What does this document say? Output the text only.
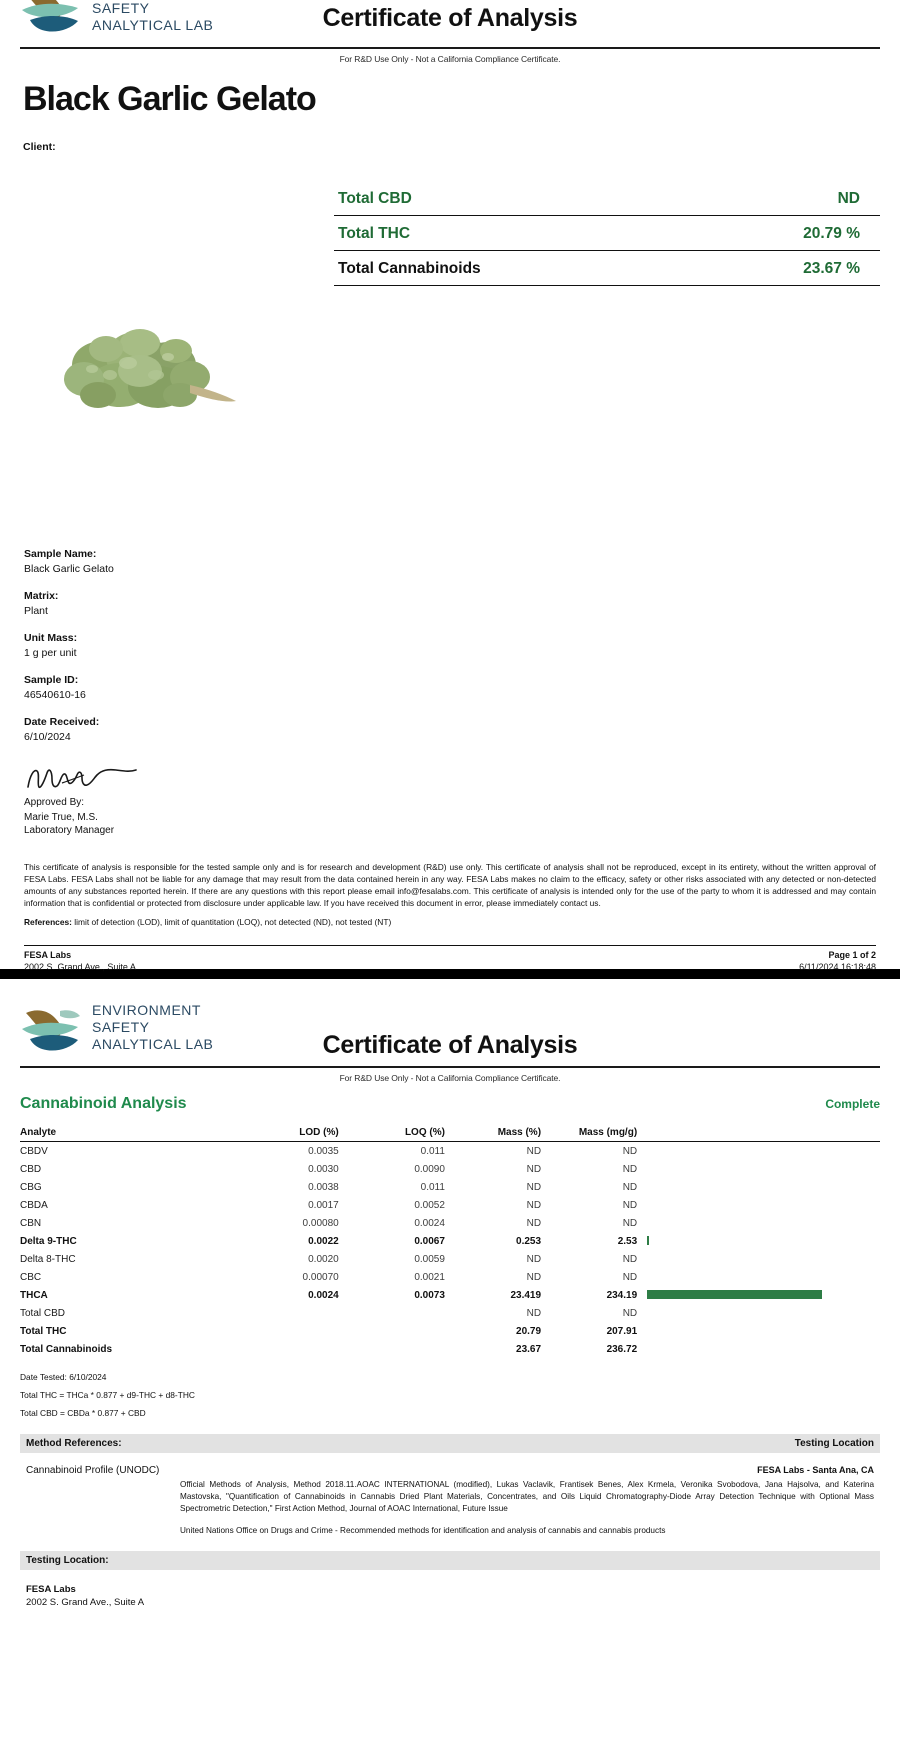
SAFETY
ANALYTICAL LAB	Certificate of Analysis
For R&D Use Only - Not a California Compliance Certificate.
Black Garlic Gelato
Client:
Sample Name:
Black Garlic Gelato
Matrix:
Plant
Unit Mass:
1 g per unit
Sample ID:
46540610-16
Date Received:
6/10/2024
Approved By:
Marie True, M.S.
Laboratory Manager
Total CBD	ND
Total THC	20.79 %
Total Cannabinoids	23.67 %
This certificate of analysis is responsible for the tested sample only and is for research and development (R&D) use only. This certificate of analysis shall not be reproduced, except in its entirety, without the written approval of FESA Labs. FESA Labs shall not be liable for any damage that may result from the data contained herein in any way. FESA Labs makes no claim to the efficacy, safety or other risks associated with any detected or non-detected amounts of any substances reported herein. If there are any questions with this report please email info@fesalabs.com. This certificate of analysis is intended only for the use of the party to whom it is addressed and may contain information that is confidential or protected from disclosure under applicable law. If you have received this document in error, please immediately contact us.
References: limit of detection (LOD), limit of quantitation (LOQ), not detected (ND), not tested (NT)
FESA Labs	Page 1 of 2
2002 S. Grand Ave., Suite A	6/11/2024 16:18:48
ENVIRONMENT
SAFETY
ANALYTICAL LAB	Certificate of Analysis
For R&D Use Only - Not a California Compliance Certificate.
Cannabinoid Analysis	Complete
Analyte	LOD (%)	LOQ (%)	Mass (%)	Mass (mg/g)	
CBDV	0.0035	0.011	ND	ND	
CBD	0.0030	0.0090	ND	ND	
CBG	0.0038	0.011	ND	ND	
CBDA	0.0017	0.0052	ND	ND	
CBN	0.00080	0.0024	ND	ND	
Delta 9-THC	0.0022	0.0067	0.253	2.53	
Delta 8-THC	0.0020	0.0059	ND	ND	
CBC	0.00070	0.0021	ND	ND	
THCA	0.0024	0.0073	23.419	234.19	
Total CBD			ND	ND	
Total THC			20.79	207.91	
Total Cannabinoids			23.67	236.72	
Date Tested: 6/10/2024
Total THC = THCa * 0.877 + d9-THC + d8-THC
Total CBD = CBDa * 0.877 + CBD
Method References:	Testing Location
Cannabinoid Profile (UNODC)	FESA Labs - Santa Ana, CA
Official Methods of Analysis, Method 2018.11.AOAC INTERNATIONAL (modified), Lukas Vaclavik, Frantisek Benes, Alex Krmela, Veronika Svobodova, Jana Hajsolva, and Katerina Mastovska, "Quantification of Cannabinoids in Cannabis Dried Plant Materials, Concentrates, and Oils Liquid Chromatography-Diode Array Detection Technique with Optional Mass Spectrometric Detection," First Action Method, Journal of AOAC International, Future Issue
United Nations Office on Drugs and Crime - Recommended methods for identification and analysis of cannabis and cannabis products
Testing Location:
FESA Labs
2002 S. Grand Ave., Suite A
